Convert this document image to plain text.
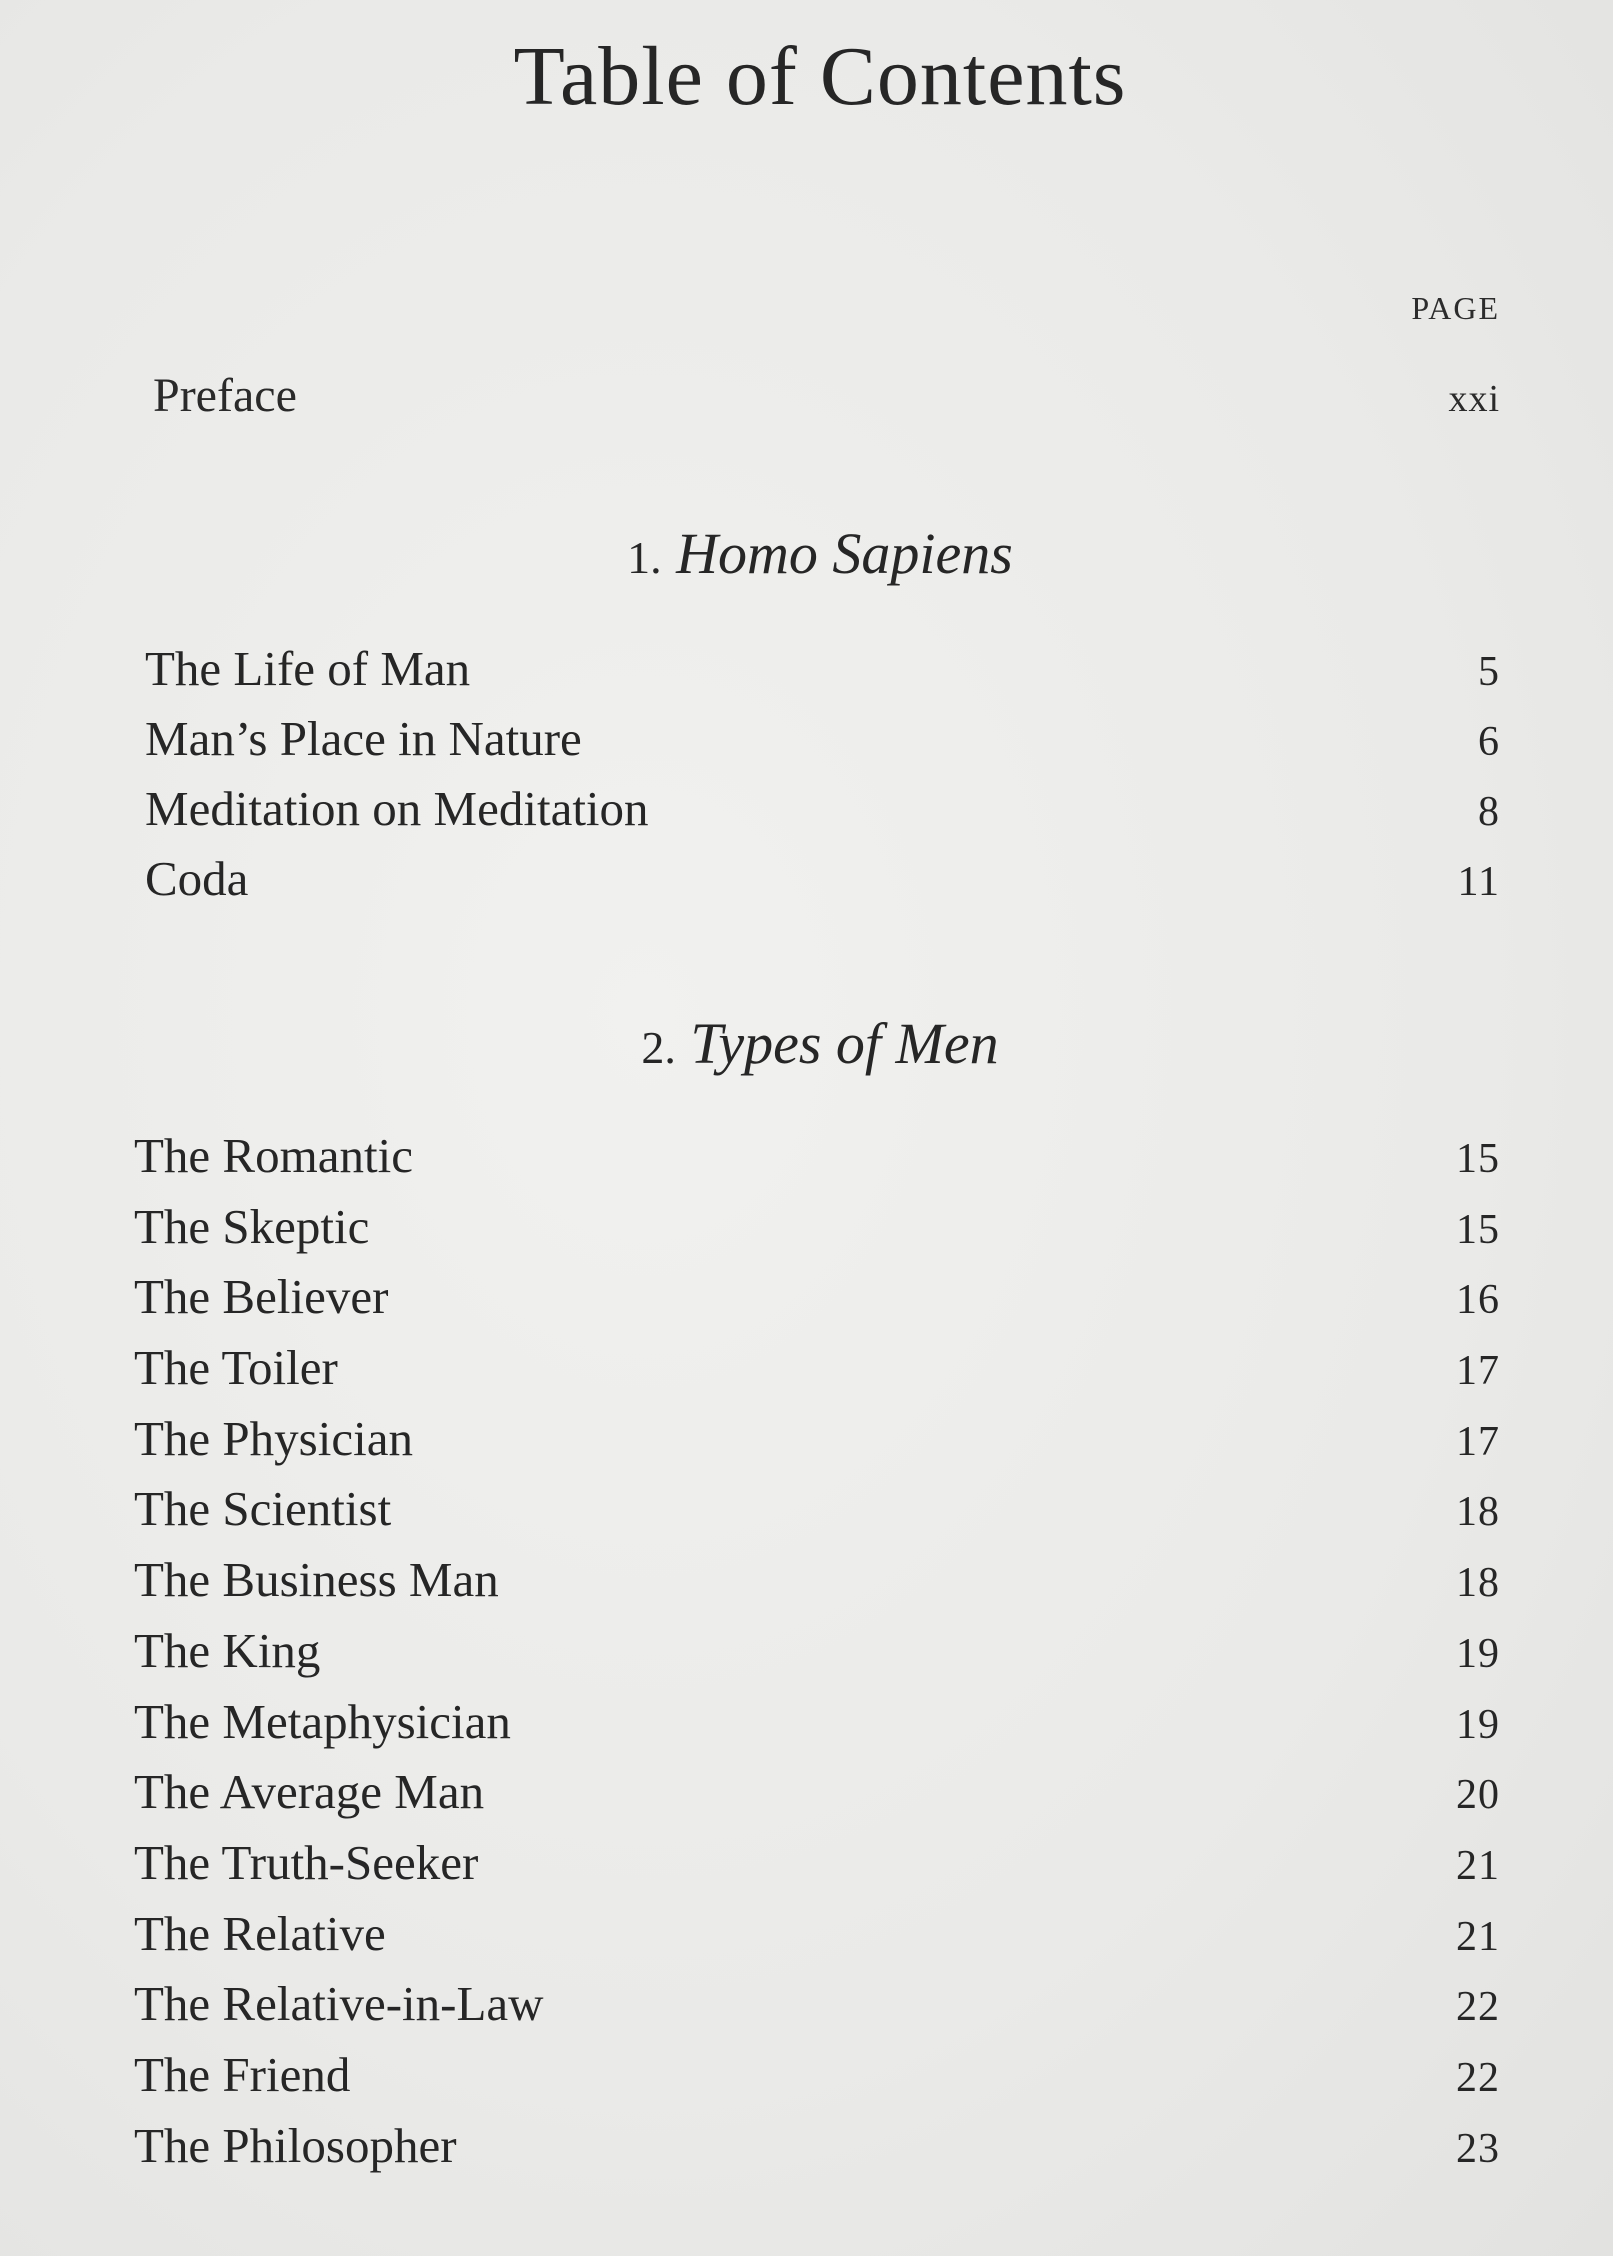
Table of Contents
PAGE
Preface	xxi
1. Homo Sapiens
The Life of Man	5
Man’s Place in Nature	6
Meditation on Meditation	8
Coda	11
2. Types of Men
The Romantic	15
The Skeptic	15
The Believer	16
The Toiler	17
The Physician	17
The Scientist	18
The Business Man	18
The King	19
The Metaphysician	19
The Average Man	20
The Truth-Seeker	21
The Relative	21
The Relative-in-Law	22
The Friend	22
The Philosopher	23
